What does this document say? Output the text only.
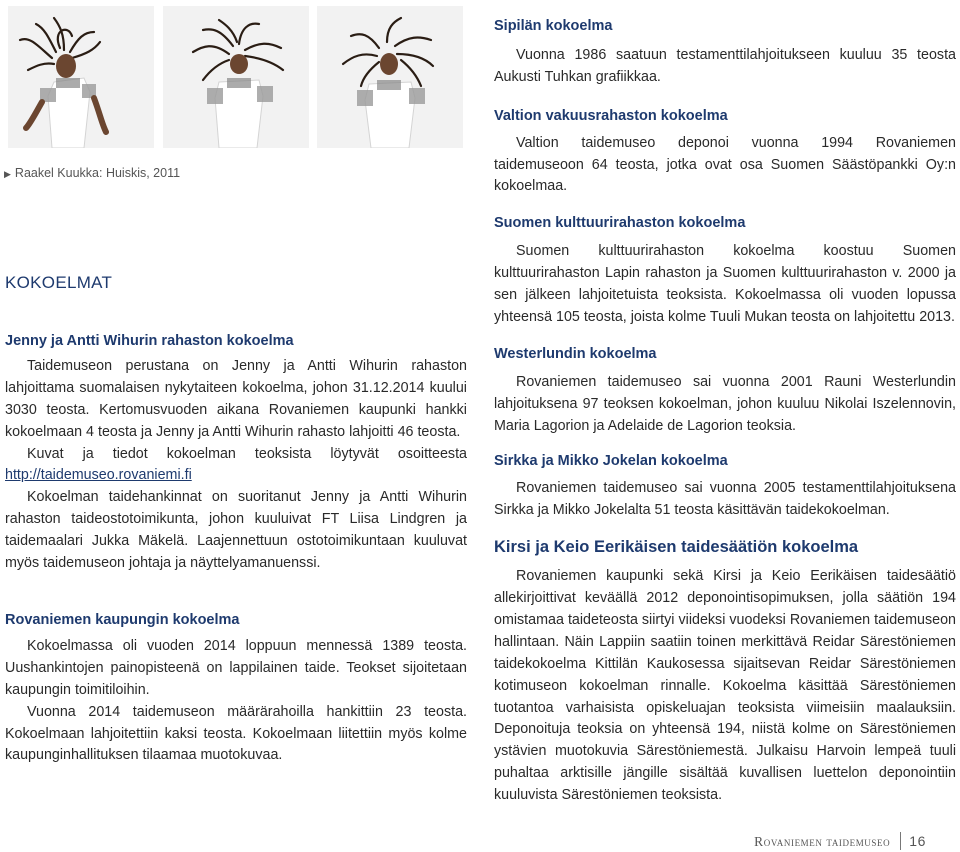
▶ Raakel Kuukka: Huiskis, 2011
KOKOELMAT
Jenny ja Antti Wihurin rahaston kokoelma

Taidemuseon perustana on Jenny ja Antti Wihurin rahaston lahjoittama suomalaisen nykytaiteen kokoelma, johon 31.12.2014 kuului 3030 teosta. Kertomusvuoden aikana Rovaniemen kaupunki hankki kokoelmaan 4 teosta ja Jenny ja Antti Wihurin rahasto lahjoitti 46 teosta.

Kuvat ja tiedot kokoelman teoksista löytyvät osoitteesta http://taidemuseo.rovaniemi.fi

Kokoelman taidehankinnat on suoritanut Jenny ja Antti Wihurin rahaston taideostotoimikunta, johon kuuluivat FT Liisa Lindgren ja taidemaalari Jukka Mäkelä. Laajennettuun ostotoimikuntaan kuuluvat myös taidemuseon johtaja ja näyttelyamanuenssi.

Rovaniemen kaupungin kokoelma

Kokoelmassa oli vuoden 2014 loppuun mennessä 1389 teosta. Uushankintojen painopisteenä on lappilainen taide. Teokset sijoitetaan kaupungin toimitiloihin.

Vuonna 2014 taidemuseon määrärahoilla hankittiin 23 teosta. Kokoelmaan lahjoitettiin kaksi teosta. Kokoelmaan liitettiin myös kolme kaupunginhallituksen tilaamaa muotokuvaa.

Sipilän kokoelma

Vuonna 1986 saatuun testamenttilahjoitukseen kuuluu 35 teosta Aukusti Tuhkan grafiikkaa.

Valtion vakuusrahaston kokoelma

Valtion taidemuseo deponoi vuonna 1994 Rovaniemen taidemuseoon 64 teosta, jotka ovat osa Suomen Säästöpankki Oy:n kokoelmaa.

Suomen kulttuurirahaston kokoelma

Suomen kulttuurirahaston kokoelma koostuu Suomen kulttuurirahaston Lapin rahaston ja Suomen kulttuurirahaston v. 2000 ja sen jälkeen lahjoitetuista teoksista. Kokoelmassa oli vuoden lopussa yhteensä 105 teosta, joista kolme Tuuli Mukan teosta on lahjoitettu 2013.

Westerlundin kokoelma

Rovaniemen taidemuseo sai vuonna 2001 Rauni Westerlundin lahjoituksena 97 teoksen kokoelman, johon kuuluu Nikolai Iszelennovin, Maria Lagorion ja Adelaide de Lagorion teoksia.

Sirkka ja Mikko Jokelan kokoelma

Rovaniemen taidemuseo sai vuonna 2005 testamenttilahjoituksena Sirkka ja Mikko Jokelalta 51 teosta käsittävän taidekokoelman.

Kirsi ja Keio Eerikäisen taidesäätiön kokoelma

Rovaniemen kaupunki sekä Kirsi ja Keio Eerikäisen taidesäätiö allekirjoittivat keväällä 2012 deponointisopimuksen, jolla säätiön 194 omistamaa taideteosta siirtyi viideksi vuodeksi Rovaniemen taidemuseon hallintaan. Näin Lappiin saatiin toinen merkittävä Reidar Särestöniemen taidekokoelma Kittilän Kaukosessa sijaitsevan Reidar Särestöniemen kotimuseon kokoelman rinnalle. Kokoelma käsittää Särestöniemen tuotantoa varhaisista opiskeluajan teoksista viimeisiin maalauksiin. Deponoituja teoksia on yhteensä 194, niistä kolme on Särestöniemen ystävien muotokuvia Särestöniemestä. Julkaisu Harvoin lempeä tuuli puhaltaa arktisille jängille sisältää kuvallisen luettelon deponointiin kuuluvista Särestöniemen teoksista.

Rovaniemen taidemuseo 16
